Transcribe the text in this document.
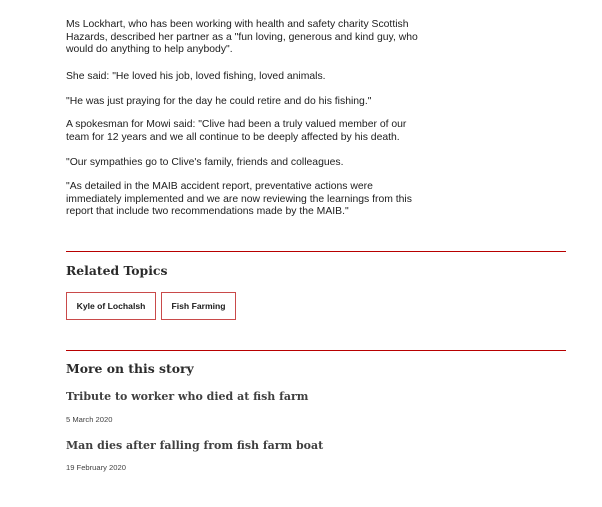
Ms Lockhart, who has been working with health and safety charity Scottish Hazards, described her partner as a "fun loving, generous and kind guy, who would do anything to help anybody".

She said: "He loved his job, loved fishing, loved animals.

"He was just praying for the day he could retire and do his fishing."

A spokesman for Mowi said: "Clive had been a truly valued member of our team for 12 years and we all continue to be deeply affected by his death.

"Our sympathies go to Clive's family, friends and colleagues.

"As detailed in the MAIB accident report, preventative actions were immediately implemented and we are now reviewing the learnings from this report that include two recommendations made by the MAIB."

Related Topics
Kyle of Lochalsh	Fish Farming
More on this story
Tribute to worker who died at fish farm
5 March 2020
Man dies after falling from fish farm boat
19 February 2020
